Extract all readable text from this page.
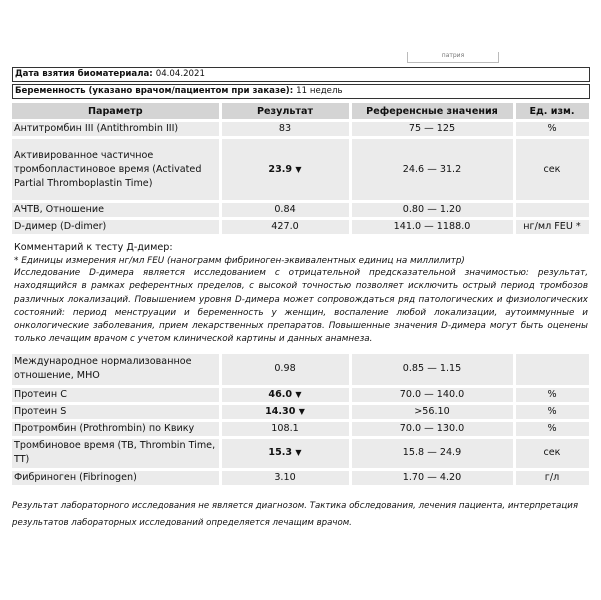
патрия
Дата взятия биоматериала: 04.04.2021
Беременность (указано врачом/пациентом при заказе): 11 недель
Параметр	Результат	Референсные значения	Ед. изм.
Антитромбин III (Antithrombin III)	83	75 — 125	%
Активированное частичное тромбопластиновое время (Activated Partial Thromboplastin Time)	23.9 ▼	24.6 — 31.2	сек
АЧТВ, Отношение	0.84	0.80 — 1.20	
D-димер (D-dimer)	427.0	141.0 — 1188.0	нг/мл FEU *
Комментарий к тесту Д-димер:
* Единицы измерения нг/мл FEU (нанограмм фибриноген-эквивалентных единиц на миллилитр)
Исследование D-димера является исследованием с отрицательной предсказательной значимостью: результат, находящийся в рамках референтных пределов, с высокой точностью позволяет исключить острый период тромбозов различных локализаций. Повышением уровня D-димера может сопровождаться ряд патологических и физиологических состояний: период менструации и беременность у женщин, воспаление любой локализации, аутоиммунные и онкологические заболевания, прием лекарственных препаратов. Повышенные значения D-димера могут быть оценены только лечащим врачом с учетом клинической картины и данных анамнеза.
Международное нормализованное отношение, МНО	0.98	0.85 — 1.15	
Протеин С	46.0 ▼	70.0 — 140.0	%
Протеин S	14.30 ▼	>56.10	%
Протромбин (Prothrombin) по Квику	108.1	70.0 — 130.0	%
Тромбиновое время (ТВ, Thrombin Time, TT)	15.3 ▼	15.8 — 24.9	сек
Фибриноген (Fibrinogen)	3.10	1.70 — 4.20	г/л
Результат лабораторного исследования не является диагнозом. Тактика обследования, лечения пациента, интерпретация результатов лабораторных исследований определяется лечащим врачом.
